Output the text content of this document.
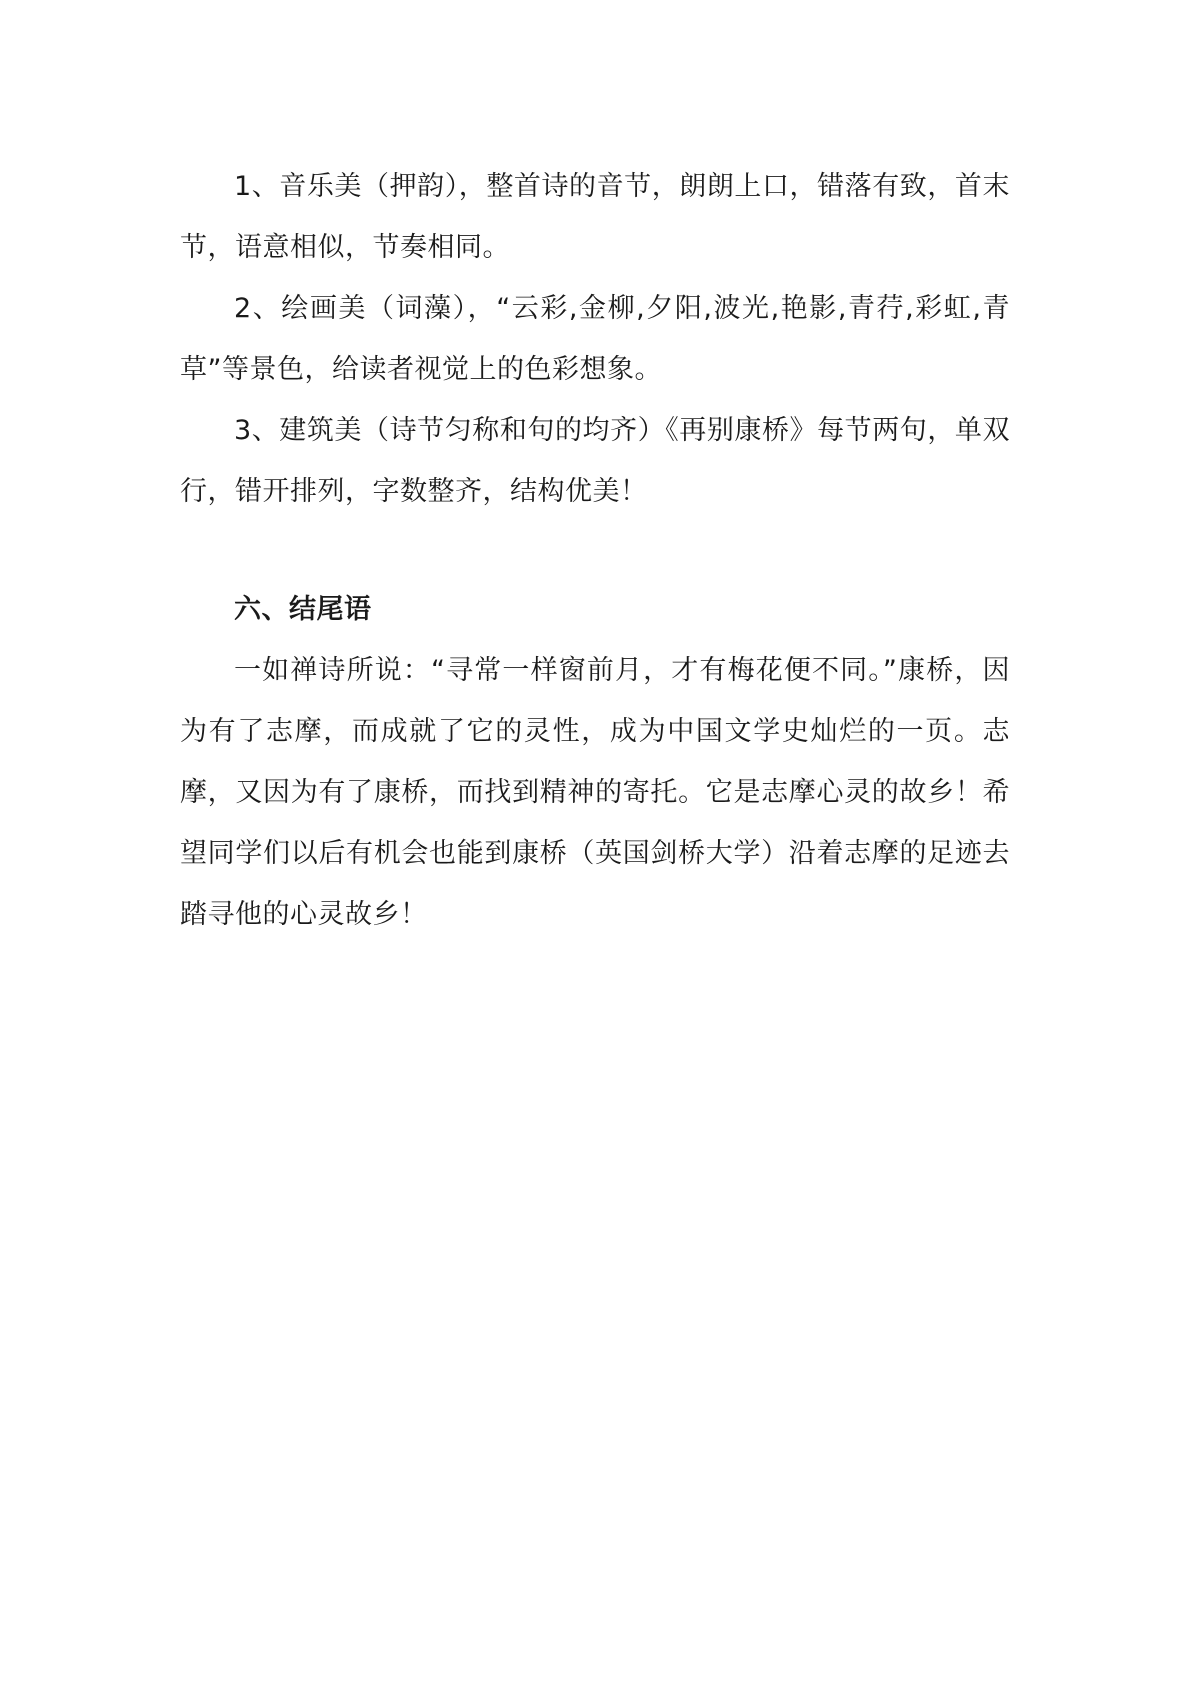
1、音乐美（押韵），整首诗的音节，朗朗上口，错落有致，首末节，语意相似，节奏相同。

2、绘画美（词藻），“云彩,金柳,夕阳,波光,艳影,青荇,彩虹,青草”等景色，给读者视觉上的色彩想象。

3、建筑美（诗节匀称和句的均齐）《再别康桥》每节两句，单双行，错开排列，字数整齐，结构优美！

六、结尾语

一如禅诗所说：“寻常一样窗前月，才有梅花便不同。”康桥，因为有了志摩，而成就了它的灵性，成为中国文学史灿烂的一页。志摩，又因为有了康桥，而找到精神的寄托。它是志摩心灵的故乡！希望同学们以后有机会也能到康桥（英国剑桥大学）沿着志摩的足迹去踏寻他的心灵故乡！
